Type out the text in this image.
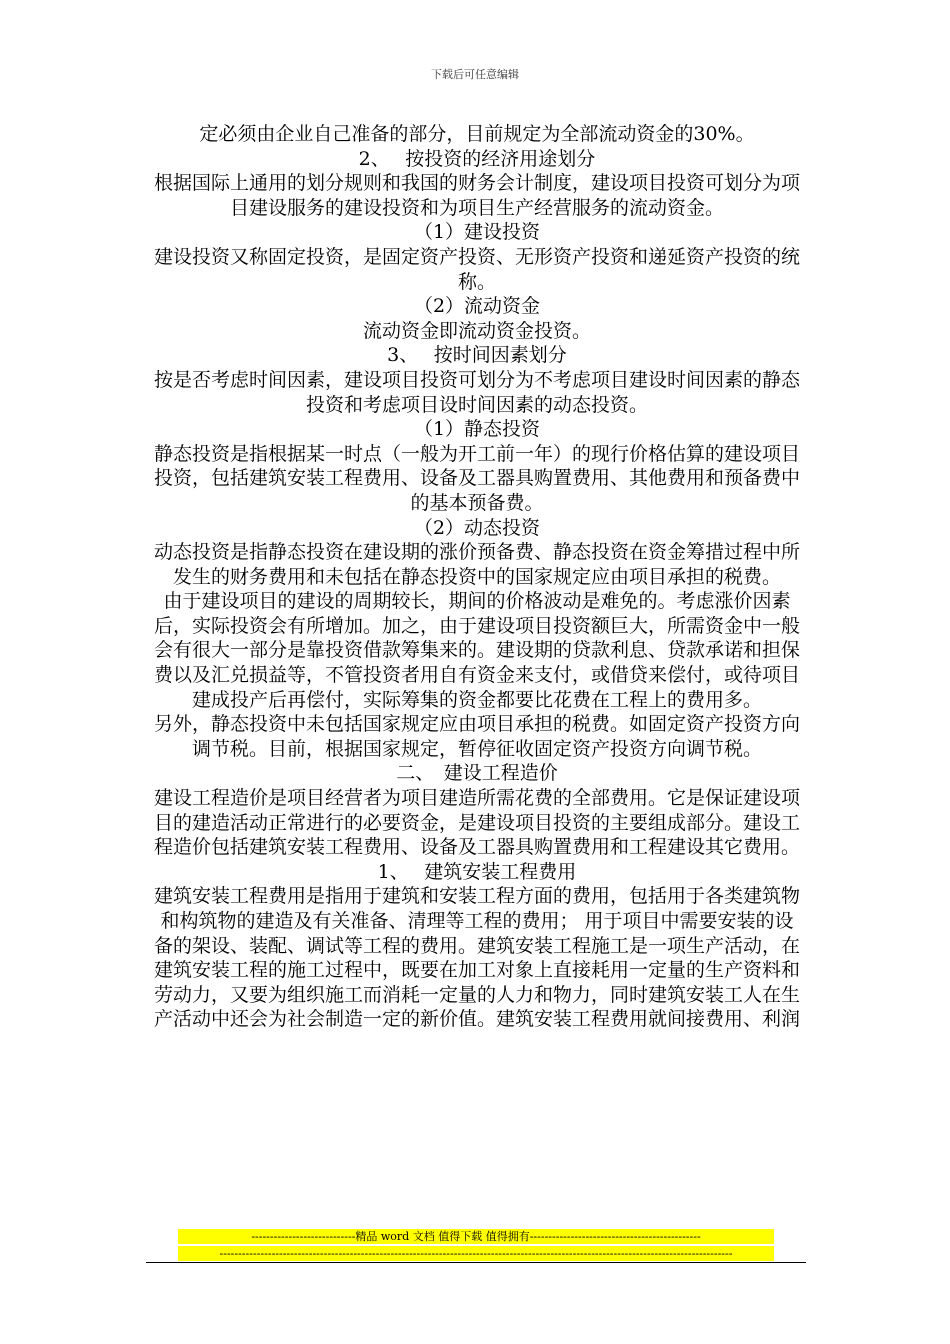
下载后可任意编辑

定必须由企业自己准备的部分，目前规定为全部流动资金的30%。

2、　 按投资的经济用途划分

根据国际上通用的划分规则和我国的财务会计制度，建设项目投资可划分为项目建设服务的建设投资和为项目生产经营服务的流动资金。

（1）建设投资

建设投资又称固定投资，是固定资产投资、无形资产投资和递延资产投资的统称。

（2）流动资金

流动资金即流动资金投资。

3、　 按时间因素划分

按是否考虑时间因素，建设项目投资可划分为不考虑项目建设时间因素的静态投资和考虑项目设时间因素的动态投资。

（1）静态投资

静态投资是指根据某一时点（一般为开工前一年）的现行价格估算的建设项目投资，包括建筑安装工程费用、设备及工器具购置费用、其他费用和预备费中的基本预备费。

（2）动态投资

动态投资是指静态投资在建设期的涨价预备费、静态投资在资金筹措过程中所发生的财务费用和未包括在静态投资中的国家规定应由项目承担的税费。

由于建设项目的建设的周期较长，期间的价格波动是难免的。考虑涨价因素后，实际投资会有所增加。加之，由于建设项目投资额巨大，所需资金中一般会有很大一部分是靠投资借款筹集来的。建设期的贷款利息、贷款承诺和担保费以及汇兑损益等，不管投资者用自有资金来支付，或借贷来偿付，或待项目建成投产后再偿付，实际筹集的资金都要比花费在工程上的费用多。

另外，静态投资中未包括国家规定应由项目承担的税费。如固定资产投资方向调节税。目前，根据国家规定，暂停征收固定资产投资方向调节税。

二、　建设工程造价

建设工程造价是项目经营者为项目建造所需花费的全部费用。它是保证建设项目的建造活动正常进行的必要资金，是建设项目投资的主要组成部分。建设工程造价包括建筑安装工程费用、设备及工器具购置费用和工程建设其它费用。

1、　 建筑安装工程费用

建筑安装工程费用是指用于建筑和安装工程方面的费用，包括用于各类建筑物和构筑物的建造及有关准备、清理等工程的费用； 用于项目中需要安装的设备的架设、装配、调试等工程的费用。建筑安装工程施工是一项生产活动，在建筑安装工程的施工过程中，既要在加工对象上直接耗用一定量的生产资料和劳动力，又要为组织施工而消耗一定量的人力和物力，同时建筑安装工人在生产活动中还会为社会制造一定的新价值。建筑安装工程费用就间接费用、利润

----------------------------精品 word 文档 值得下载 值得拥有----------------------------------------------
------------------------------------------------------------------------------------------------------------------------------------------
